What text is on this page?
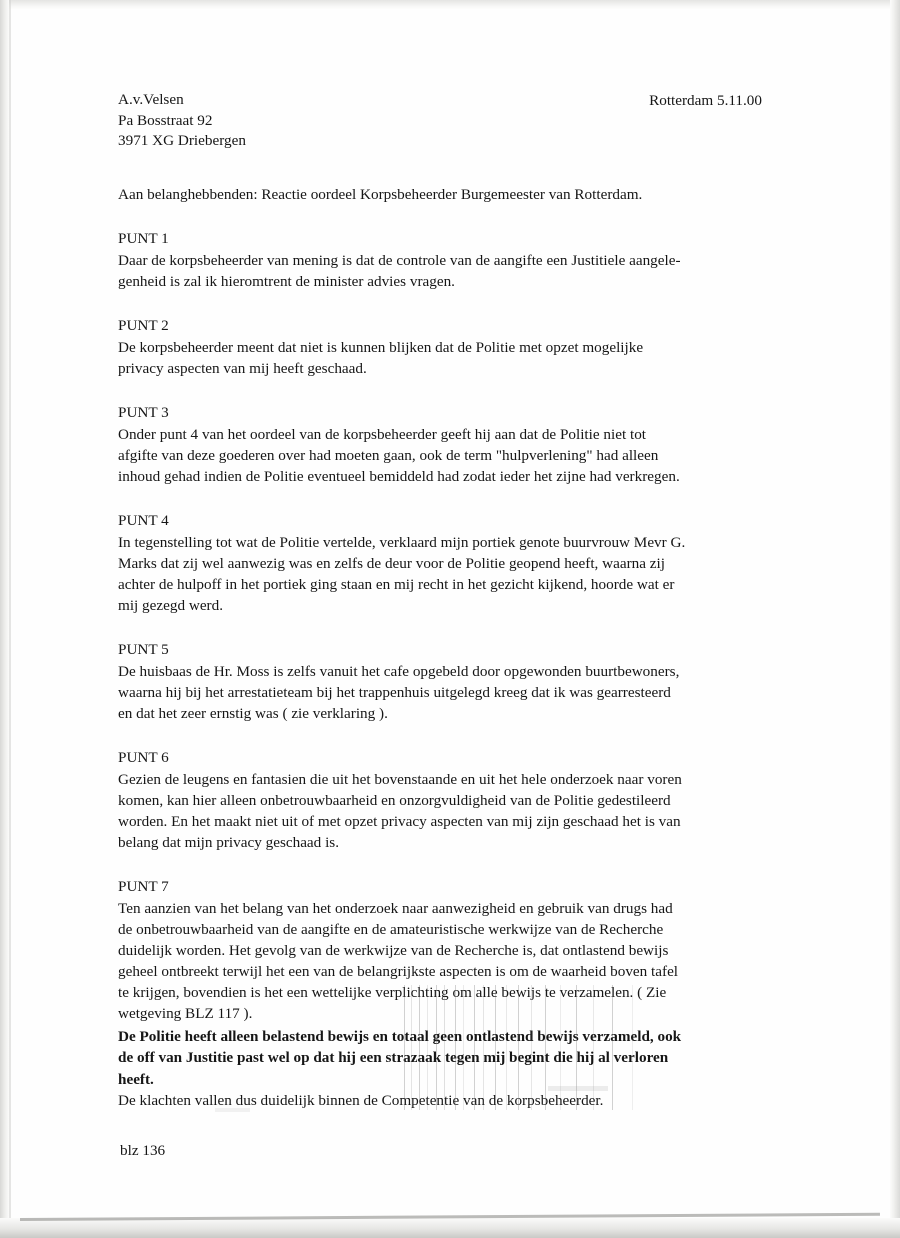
A.v.Velsen
Pa Bosstraat 92
3971 XG Driebergen
Rotterdam 5.11.00
Aan belanghebbenden: Reactie oordeel Korpsbeheerder Burgemeester van Rotterdam.
PUNT 1

Daar de korpsbeheerder van mening is dat de controle van de aangifte een Justitiele aangele-

genheid is zal ik hieromtrent de minister advies vragen.

PUNT 2

De korpsbeheerder meent dat niet is kunnen blijken dat de Politie met opzet mogelijke

privacy aspecten van mij heeft geschaad.

PUNT 3

Onder punt 4 van het oordeel van de korpsbeheerder geeft hij aan dat de Politie niet tot

afgifte van deze goederen over had moeten gaan, ook de term "hulpverlening" had alleen

inhoud gehad indien de Politie eventueel bemiddeld had zodat ieder het zijne had verkregen.

PUNT 4

In tegenstelling tot wat de Politie vertelde, verklaard mijn portiek genote buurvrouw Mevr G.

Marks dat zij wel aanwezig was en zelfs de deur voor de Politie geopend heeft, waarna zij

achter de hulpoff in het portiek ging staan en mij recht in het gezicht kijkend, hoorde wat er

mij gezegd werd.

PUNT 5

De huisbaas de Hr. Moss is zelfs vanuit het cafe opgebeld door opgewonden buurtbewoners,

waarna hij bij het arrestatieteam bij het trappenhuis uitgelegd kreeg dat ik was gearresteerd

en dat het zeer ernstig was ( zie verklaring ).

PUNT 6

Gezien de leugens en fantasien die uit het bovenstaande en uit het hele onderzoek naar voren

komen, kan hier alleen onbetrouwbaarheid en onzorgvuldigheid van de Politie gedestileerd

worden. En het maakt niet uit of met opzet privacy aspecten van mij zijn geschaad het is van

belang dat mijn privacy geschaad is.

PUNT 7

Ten aanzien van het belang van het onderzoek naar aanwezigheid en gebruik van drugs had

de onbetrouwbaarheid van de aangifte en de amateuristische werkwijze van de Recherche

duidelijk worden. Het gevolg van de werkwijze van de Recherche is, dat ontlastend bewijs

geheel ontbreekt terwijl het een van de belangrijkste aspecten is om de waarheid boven tafel

te krijgen, bovendien is het een wettelijke verplichting om alle bewijs te verzamelen. ( Zie

wetgeving BLZ 117 ).

De Politie heeft alleen belastend bewijs en totaal geen ontlastend bewijs verzameld, ook

de off van Justitie past wel op dat hij een strazaak tegen mij begint die hij al verloren

heeft.

De klachten vallen dus duidelijk binnen de Competentie van de korpsbeheerder.
blz 136
